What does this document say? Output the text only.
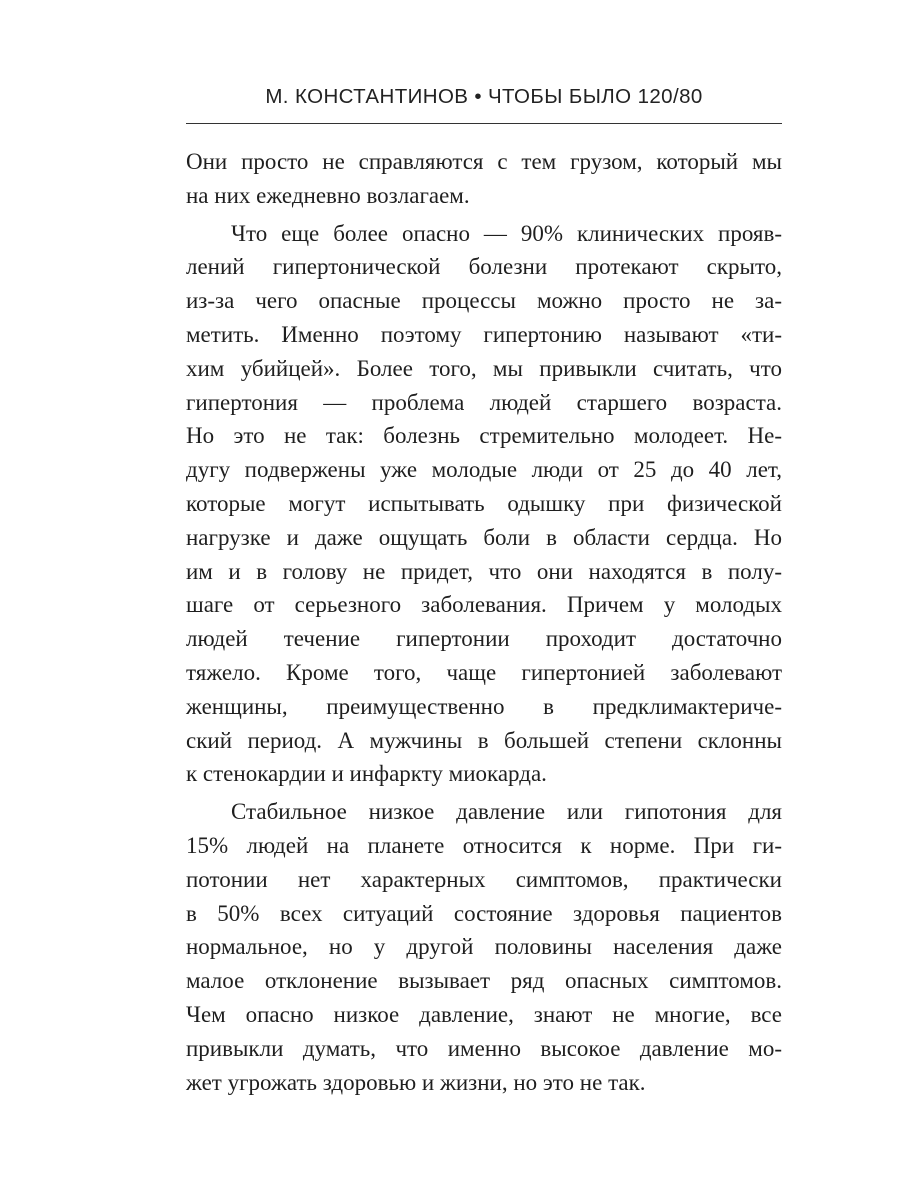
М. КОНСТАНТИНОВ • ЧТОБЫ БЫЛО 120/80
Они просто не справляются с тем грузом, который мы
на них ежедневно возлагаем.
Что еще более опасно — 90% клинических прояв-
лений гипертонической болезни протекают скрыто,
из-за чего опасные процессы можно просто не за-
метить. Именно поэтому гипертонию называют «ти-
хим убийцей». Более того, мы привыкли считать, что
гипертония — проблема людей старшего возраста.
Но это не так: болезнь стремительно молодеет. Не-
дугу подвержены уже молодые люди от 25 до 40 лет,
которые могут испытывать одышку при физической
нагрузке и даже ощущать боли в области сердца. Но
им и в голову не придет, что они находятся в полу-
шаге от серьезного заболевания. Причем у молодых
людей течение гипертонии проходит достаточно
тяжело. Кроме того, чаще гипертонией заболевают
женщины, преимущественно в предклимактериче-
ский период. А мужчины в большей степени склонны
к стенокардии и инфаркту миокарда.
Стабильное низкое давление или гипотония для
15% людей на планете относится к норме. При ги-
потонии нет характерных симптомов, практически
в 50% всех ситуаций состояние здоровья пациентов
нормальное, но у другой половины населения даже
малое отклонение вызывает ряд опасных симптомов.
Чем опасно низкое давление, знают не многие, все
привыкли думать, что именно высокое давление мо-
жет угрожать здоровью и жизни, но это не так.
